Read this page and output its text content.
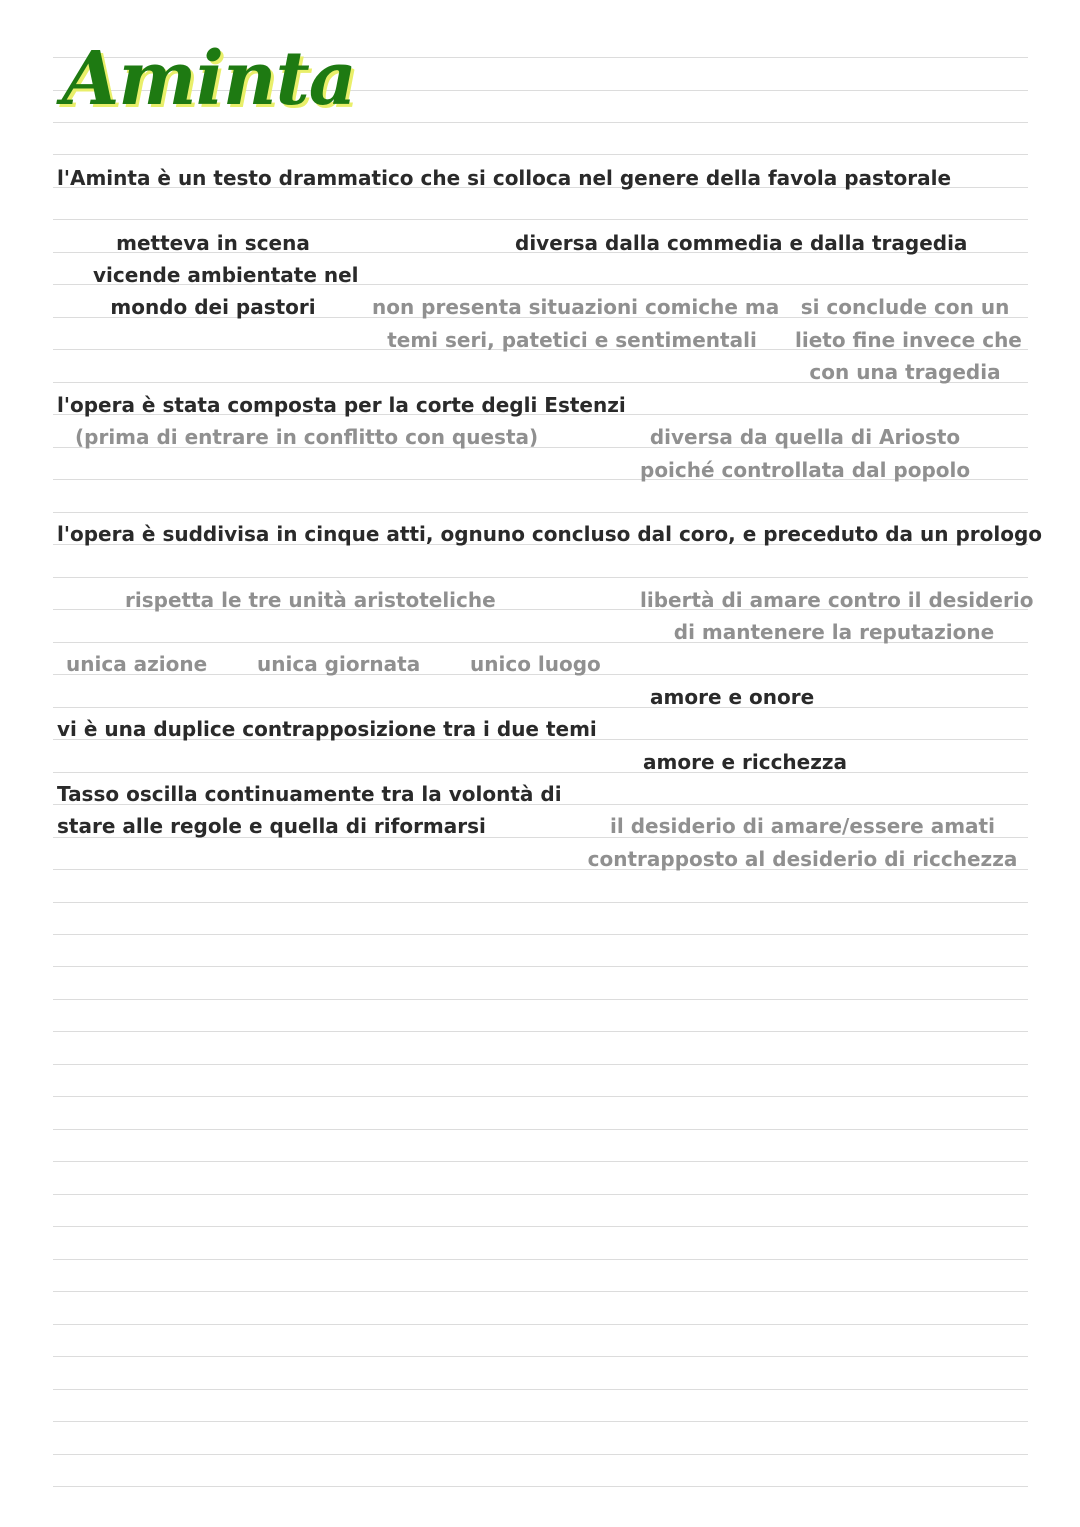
Aminta
l'Aminta è un testo drammatico che si colloca nel genere della favola pastorale
metteva in scena
vicende ambientate nel
mondo dei pastori
diversa dalla commedia e dalla tragedia
non presenta situazioni comiche ma
temi seri, patetici e sentimentali
si conclude con un
lieto fine invece che
con una tragedia
l'opera è stata composta per la corte degli Estenzi
(prima di entrare in conflitto con questa)	diversa da quella di Ariosto
poiché controllata dal popolo
l'opera è suddivisa in cinque atti, ognuno concluso dal coro, e preceduto da un prologo
rispetta le tre unità aristoteliche	libertà di amare contro il desiderio
di mantenere la reputazione
unica azione unica giornata unico luogo
amore e onore
vi è una duplice contrapposizione tra i due temi
amore e ricchezza
Tasso oscilla continuamente tra la volontà di
stare alle regole e quella di riformarsi	il desiderio di amare/essere amati
contrapposto al desiderio di ricchezza
